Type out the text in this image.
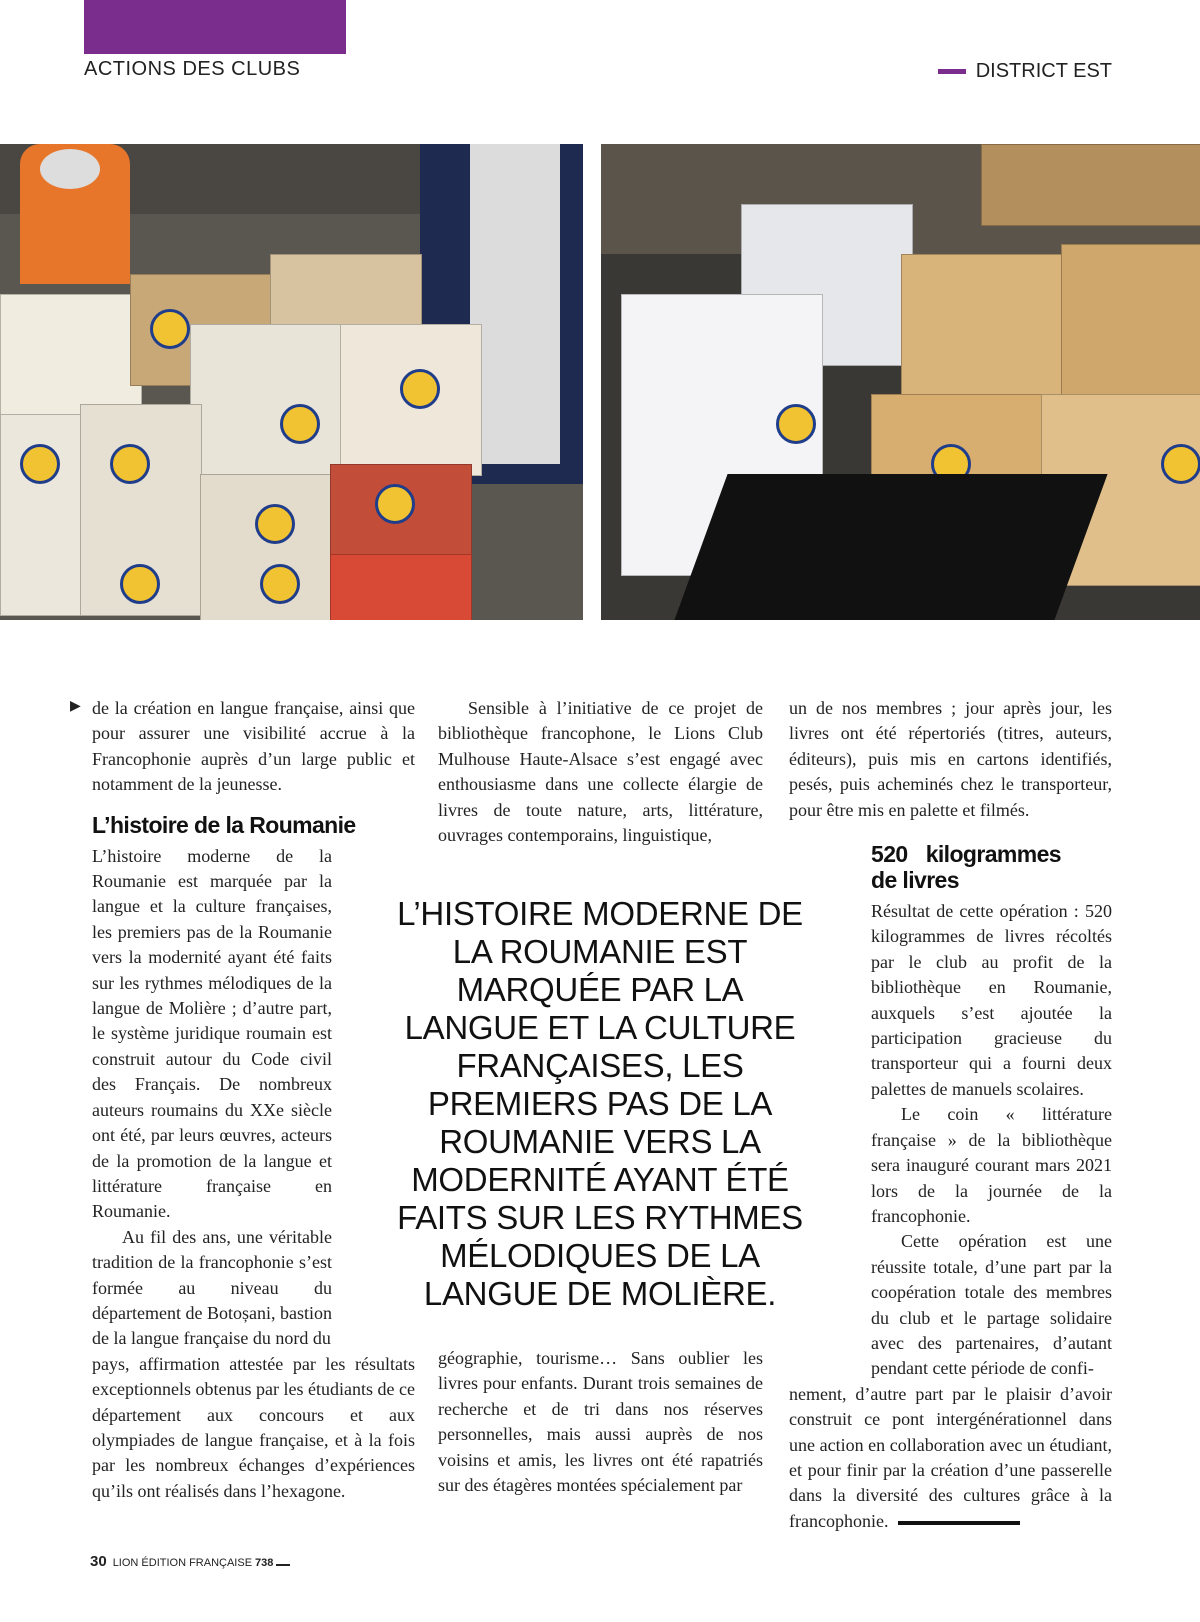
ACTIONS DES CLUBS	DISTRICT EST
▶ de la création en langue française, ainsi que pour assurer une visibilité accrue à la Francophonie auprès d’un large public et notamment de la jeunesse.

L’histoire de la Roumanie

L’histoire moderne de la Roumanie est marquée par la langue et la culture françaises, les premiers pas de la Roumanie vers la modernité ayant été faits sur les rythmes mélodiques de la langue de Molière ; d’autre part, le système juridique roumain est construit autour du Code civil des Français. De nombreux auteurs roumains du XXe siècle ont été, par leurs œuvres, acteurs de la promotion de la langue et littérature française en Roumanie.

Au fil des ans, une véritable tradition de la francophonie s’est formée au niveau du département de Botoșani, bastion de la langue française du nord du

pays, affirmation attestée par les résultats exceptionnels obtenus par les étudiants de ce département aux concours et aux olympiades de langue française, et à la fois par les nombreux échanges d’expériences qu’ils ont réalisés dans l’hexagone.

Sensible à l’initiative de ce projet de bibliothèque francophone, le Lions Club Mulhouse Haute-Alsace s’est engagé avec enthousiasme dans une collecte élargie de livres de toute nature, arts, littérature, ouvrages contemporains, linguistique,

L’HISTOIRE MODERNE DE LA ROUMANIE EST MARQUÉE PAR LA LANGUE ET LA CULTURE FRANÇAISES, LES PREMIERS PAS DE LA ROUMANIE VERS LA MODERNITÉ AYANT ÉTÉ FAITS SUR LES RYTHMES MÉLODIQUES DE LA LANGUE DE MOLIÈRE.

géographie, tourisme… Sans oublier les livres pour enfants. Durant trois semaines de recherche et de tri dans nos réserves personnelles, mais aussi auprès de nos voisins et amis, les livres ont été rapatriés sur des étagères montées spécialement par

un de nos membres ; jour après jour, les livres ont été répertoriés (titres, auteurs, éditeurs), puis mis en cartons identifiés, pesés, puis acheminés chez le transporteur, pour être mis en palette et filmés.

520 kilogrammes de livres

Résultat de cette opération : 520 kilogrammes de livres récoltés par le club au profit de la bibliothèque en Roumanie, auxquels s’est ajoutée la participation gracieuse du transporteur qui a fourni deux palettes de manuels scolaires.

Le coin « littérature française » de la bibliothèque sera inauguré courant mars 2021 lors de la journée de la francophonie.

Cette opération est une réussite totale, d’une part par la coopération totale des membres du club et le partage solidaire avec des partenaires, d’autant pendant cette période de confi-

nement, d’autre part par le plaisir d’avoir construit ce pont intergénérationnel dans une action en collaboration avec un étudiant, et pour finir par la création d’une passerelle dans la diversité des cultures grâce à la francophonie.

30 LION ÉDITION FRANÇAISE 738
